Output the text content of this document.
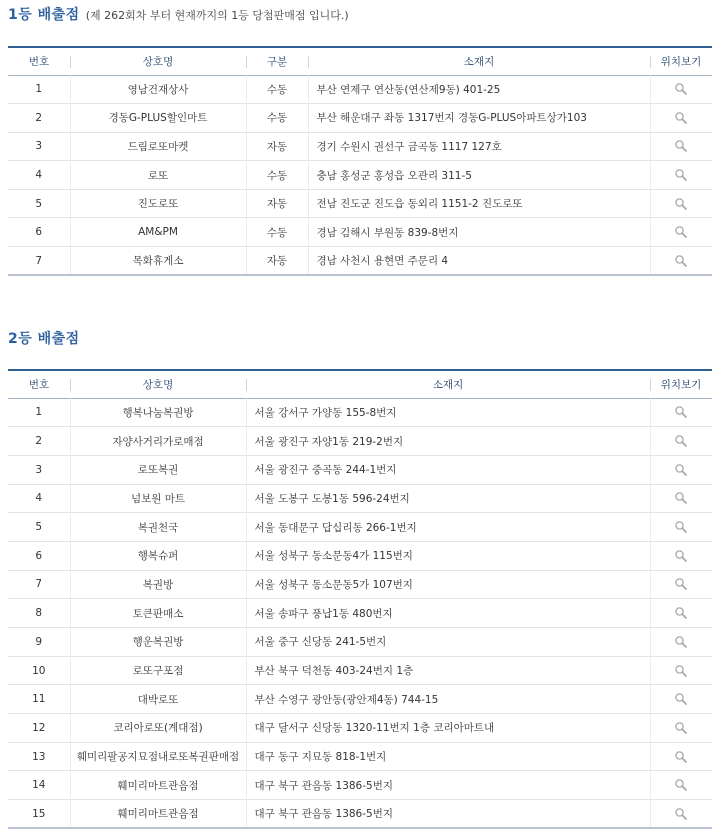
1등 배출점 (제 262회차 부터 현재까지의 1등 당첨판매점 입니다.)
번호	상호명	구분	소재지	위치보기
1	영남건재상사	수동	부산 연제구 연산동(연산제9동) 401-25	
2	경동G-PLUS할인마트	수동	부산 해운대구 좌동 1317번지 경동G-PLUS아파트상가103	
3	드림로또마켓	자동	경기 수원시 권선구 금곡동 1117 127호	
4	로또	수동	충남 홍성군 홍성읍 오관리 311-5	
5	진도로또	자동	전남 진도군 진도읍 동외리 1151-2 진도로또	
6	AM&PM	수동	경남 김해시 부원동 839-8번지	
7	목화휴게소	자동	경남 사천시 용현면 주문리 4	
2등 배출점
번호	상호명	소재지	위치보기
1	행복나눔복권방	서울 강서구 가양동 155-8번지	
2	자양사거리가로매점	서울 광진구 자양1동 219-2번지	
3	로또복권	서울 광진구 중곡동 244-1번지	
4	넘보원 마트	서울 도봉구 도봉1동 596-24번지	
5	복권천국	서울 동대문구 답십리동 266-1번지	
6	행복슈퍼	서울 성북구 동소문동4가 115번지	
7	복권방	서울 성북구 동소문동5가 107번지	
8	토큰판매소	서울 송파구 풍납1동 480번지	
9	행운복권방	서울 중구 신당동 241-5번지	
10	로또구포점	부산 북구 덕천동 403-24번지 1층	
11	대박로또	부산 수영구 광안동(광안제4동) 744-15	
12	코리아로또(계대점)	대구 달서구 신당동 1320-11번지 1층 코리아마트내	
13	훼미리팔공지묘점내로또복권판매점	대구 동구 지묘동 818-1번지	
14	훼미리마트관음점	대구 북구 관음동 1386-5번지	
15	훼미리마트관음점	대구 북구 관음동 1386-5번지	
